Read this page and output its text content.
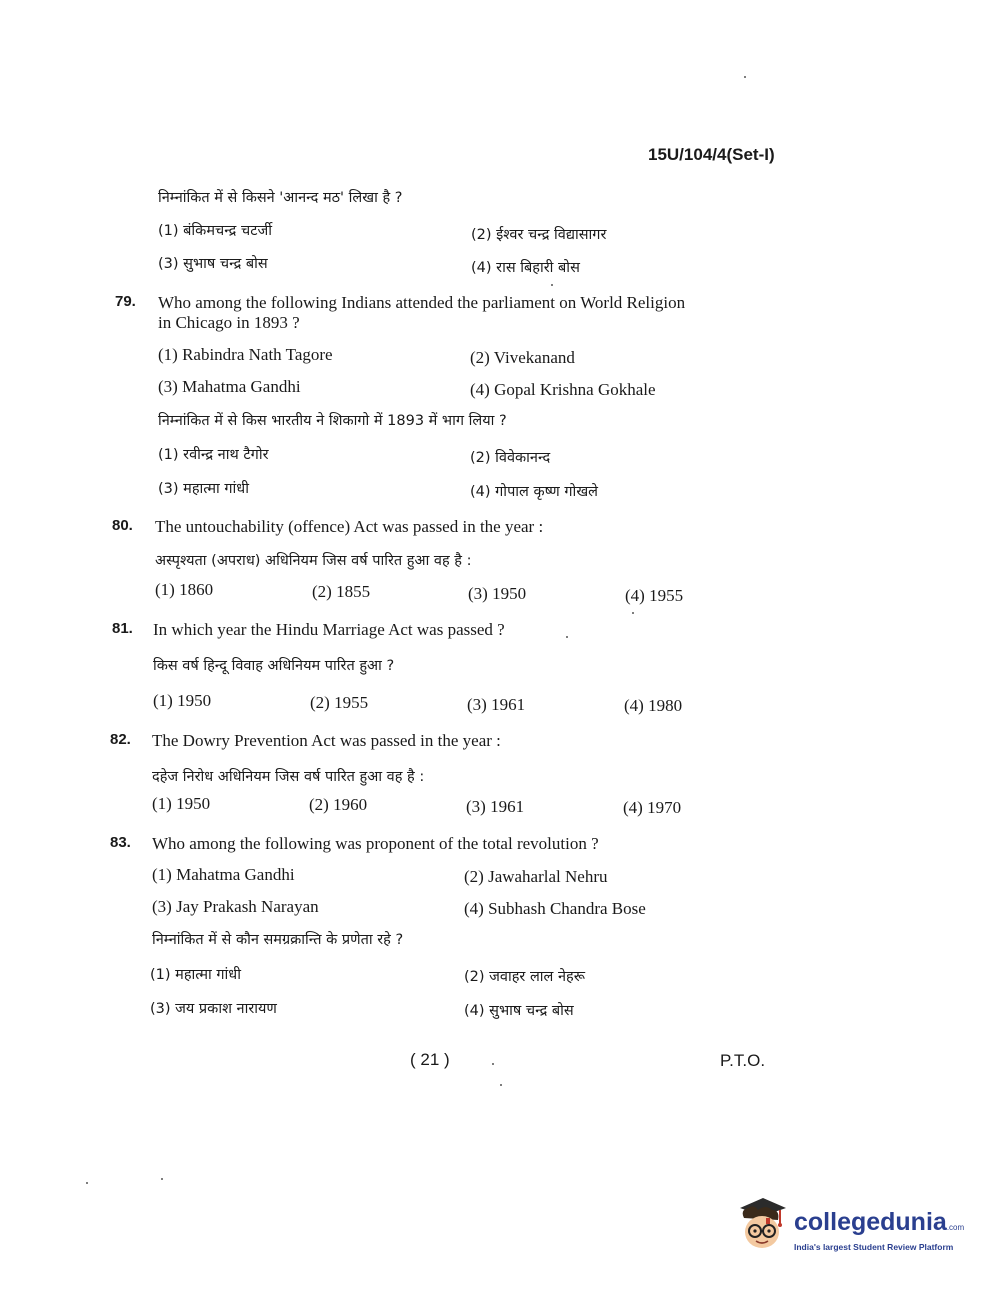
15U/104/4(Set-I)
निम्नांकित में से किसने 'आनन्द मठ' लिखा है ?
(1) बंकिमचन्द्र चटर्जी	(2) ईश्वर चन्द्र विद्यासागर
(3) सुभाष चन्द्र बोस	(4) रास बिहारी बोस
79. Who among the following Indians attended the parliament on World Religion
in Chicago in 1893 ?
(1) Rabindra Nath Tagore	(2) Vivekanand
(3) Mahatma Gandhi	(4) Gopal Krishna Gokhale
निम्नांकित में से किस भारतीय ने शिकागो में 1893 में भाग लिया ?
(1) रवीन्द्र नाथ टैगोर	(2) विवेकानन्द
(3) महात्मा गांधी	(4) गोपाल कृष्ण गोखले
80. The untouchability (offence) Act was passed in the year :
अस्पृश्यता (अपराध) अधिनियम जिस वर्ष पारित हुआ वह है :
(1) 1860	(2) 1855	(3) 1950	(4) 1955
81. In which year the Hindu Marriage Act was passed ?
किस वर्ष हिन्दू विवाह अधिनियम पारित हुआ ?
(1) 1950	(2) 1955	(3) 1961	(4) 1980
82. The Dowry Prevention Act was passed in the year :
दहेज निरोध अधिनियम जिस वर्ष पारित हुआ वह है :
(1) 1950	(2) 1960	(3) 1961	(4) 1970
83. Who among the following was proponent of the total revolution ?
(1) Mahatma Gandhi	(2) Jawaharlal Nehru
(3) Jay Prakash Narayan	(4) Subhash Chandra Bose
निम्नांकित में से कौन समग्रक्रान्ति के प्रणेता रहे ?
(1) महात्मा गांधी	(2) जवाहर लाल नेहरू
(3) जय प्रकाश नारायण	(4) सुभाष चन्द्र बोस
( 21 )	P.T.O.
collegedunia.com
India's largest Student Review Platform
